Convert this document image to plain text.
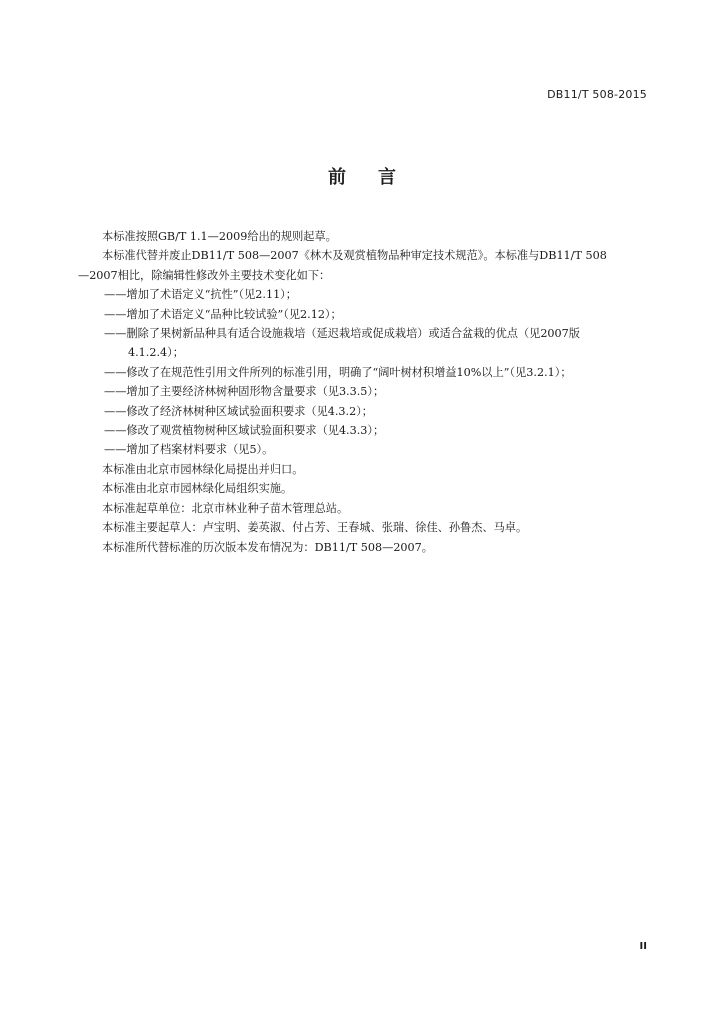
DB11/T 508-2015
前言

本标准按照GB/T 1.1—2009给出的规则起草。

本标准代替并废止DB11/T 508—2007《林木及观赏植物品种审定技术规范》。本标准与DB11/T 508

—2007相比，除编辑性修改外主要技术变化如下：

——增加了术语定义“抗性”（见2.11）；

——增加了术语定义“品种比较试验”（见2.12）；

——删除了果树新品种具有适合设施栽培（延迟栽培或促成栽培）或适合盆栽的优点（见2007版

4.1.2.4）；

——修改了在规范性引用文件所列的标准引用，明确了“阔叶树材积增益10%以上”（见3.2.1）；

——增加了主要经济林树种固形物含量要求（见3.3.5）；

——修改了经济林树种区域试验面积要求（见4.3.2）；

——修改了观赏植物树种区域试验面积要求（见4.3.3）；

——增加了档案材料要求（见5）。

本标准由北京市园林绿化局提出并归口。

本标准由北京市园林绿化局组织实施。

本标准起草单位：北京市林业种子苗木管理总站。

本标准主要起草人：卢宝明、姜英淑、付占芳、王春城、张瑞、徐佳、孙鲁杰、马卓。

本标准所代替标准的历次版本发布情况为：DB11/T 508—2007。

II
